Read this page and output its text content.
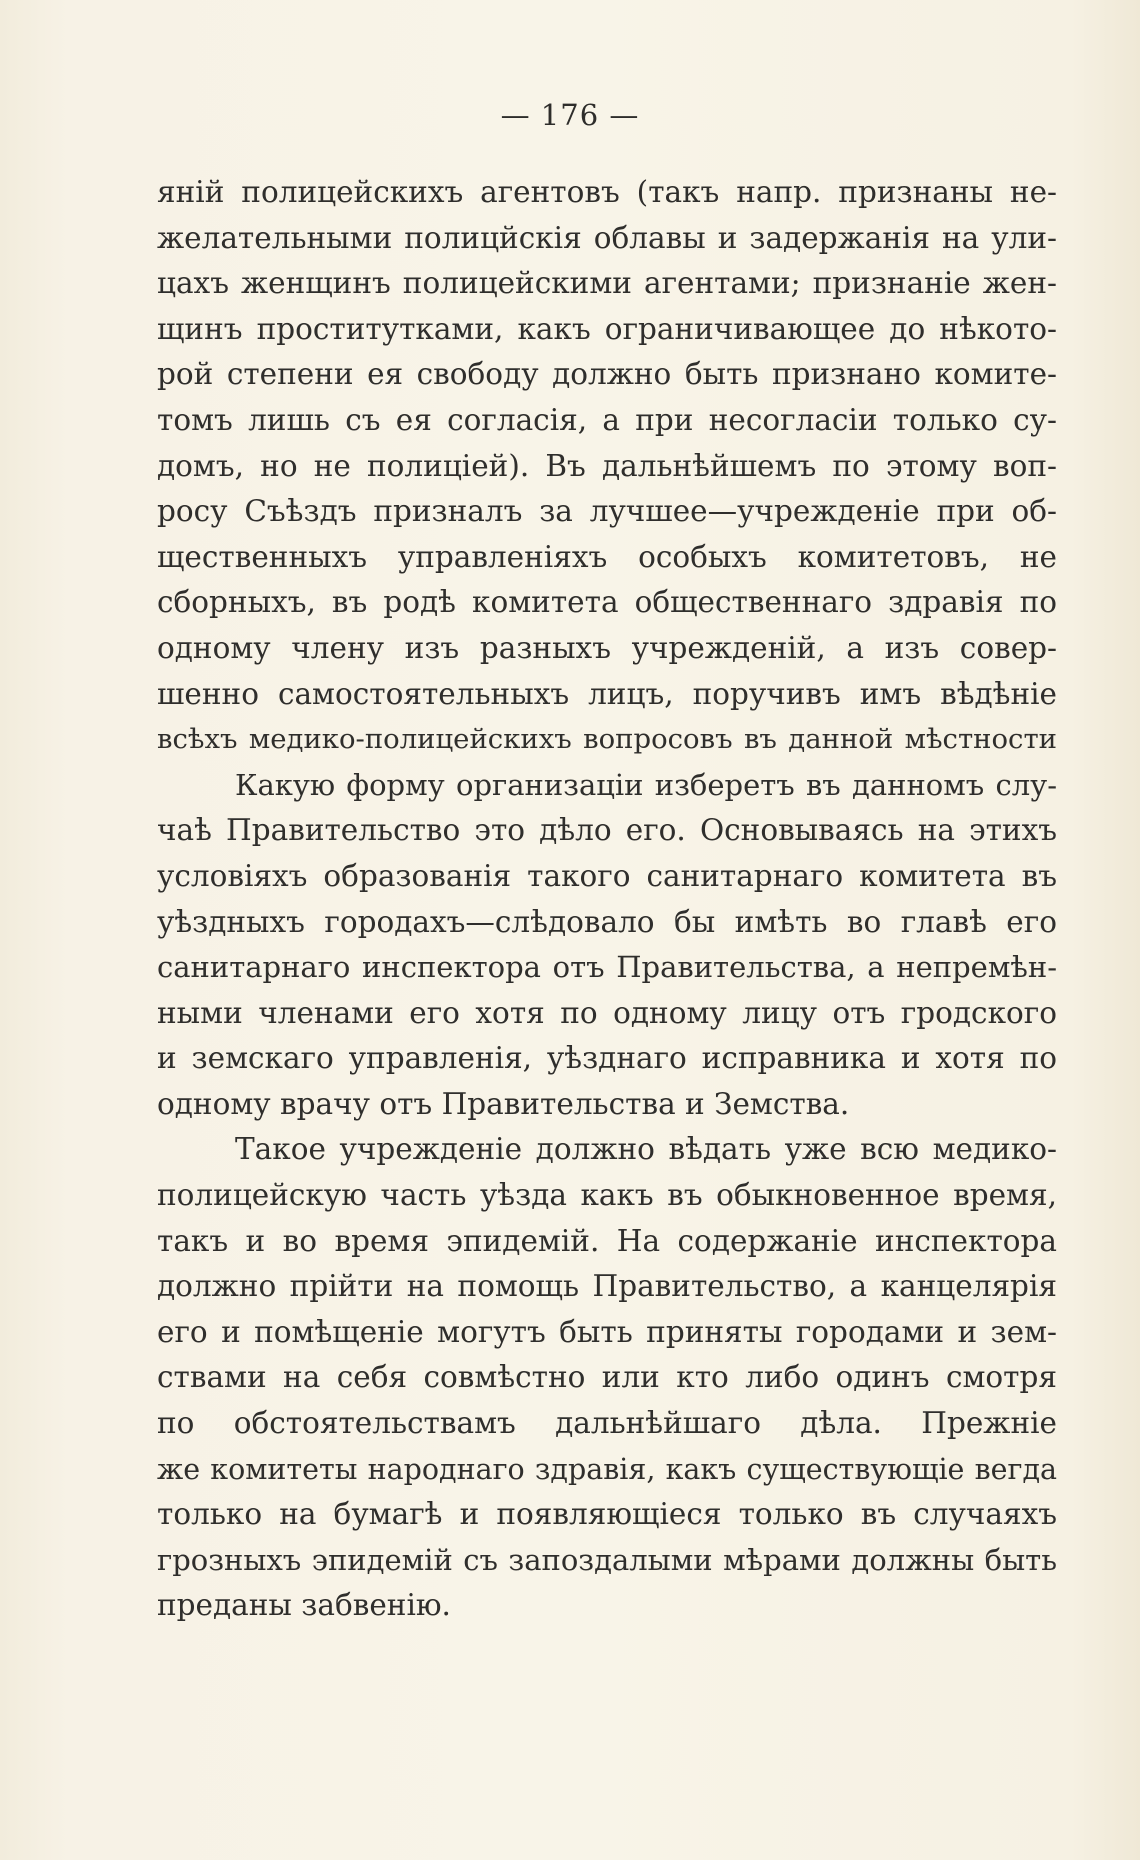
— 176 —
яній полицейскихъ агентовъ (такъ напр. признаны не-
желательными полицйскія облавы и задержанія на ули-
цахъ женщинъ полицейскими агентами; признаніе жен-
щинъ проститутками, какъ ограничивающее до нѣкото-
рой степени ея свободу должно быть признано комите-
томъ лишь съ ея согласія, а при несогласіи только су-
домъ, но не полиціей). Въ дальнѣйшемъ по этому воп-
росу Съѣздъ призналъ за лучшее—учрежденіе при об-
щественныхъ управленіяхъ особыхъ комитетовъ, не
сборныхъ, въ родѣ комитета общественнаго здравія по
одному члену изъ разныхъ учрежденій, а изъ совер-
шенно самостоятельныхъ лицъ, поручивъ имъ вѣдѣніе
всѣхъ медико-полицейскихъ вопросовъ въ данной мѣстности
Какую форму организаціи изберетъ въ данномъ слу-
чаѣ Правительство это дѣло его. Основываясь на этихъ
условіяхъ образованія такого санитарнаго комитета въ
уѣздныхъ городахъ—слѣдовало бы имѣть во главѣ его
санитарнаго инспектора отъ Правительства, а непремѣн-
ными членами его хотя по одному лицу отъ гродского
и земскаго управленія, уѣзднаго исправника и хотя по
одному врачу отъ Правительства и Земства.
Такое учрежденіе должно вѣдать уже всю медико-
полицейскую часть уѣзда какъ въ обыкновенное время,
такъ и во время эпидемій. На содержаніе инспектора
должно прійти на помощь Правительство, а канцелярія
его и помѣщеніе могутъ быть приняты городами и зем-
ствами на себя совмѣстно или кто либо одинъ смотря
по обстоятельствамъ дальнѣйшаго дѣла. Прежніе
же комитеты народнаго здравія, какъ существующіе вегда
только на бумагѣ и появляющіеся только въ случаяхъ
грозныхъ эпидемій съ запоздалыми мѣрами должны быть
преданы забвенію.
